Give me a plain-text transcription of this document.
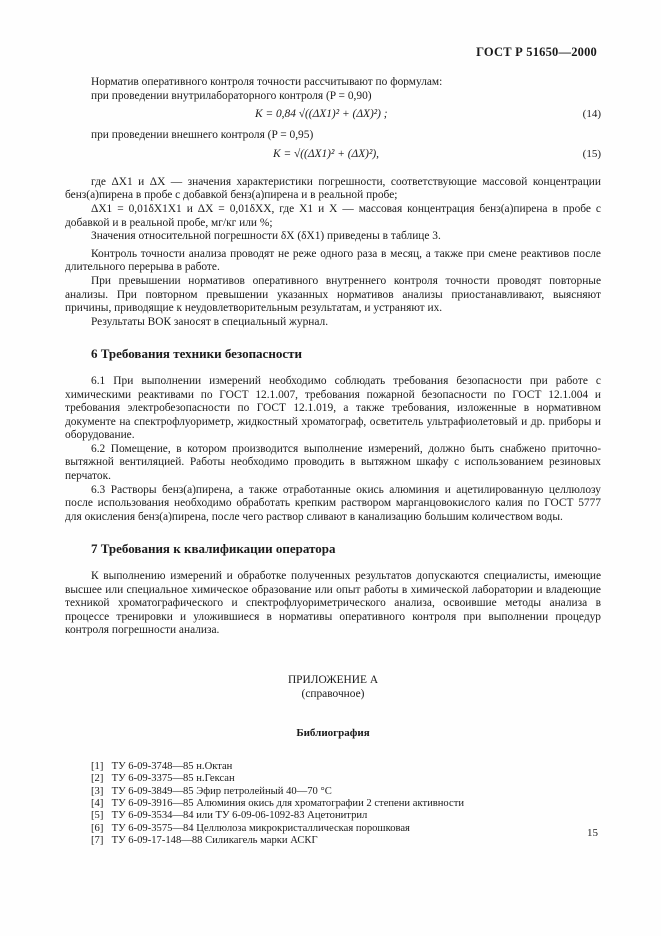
ГОСТ Р 51650—2000

Норматив оперативного контроля точности рассчитывают по формулам:

при проведении внутрилабораторного контроля (P = 0,90)

K = 0,84 √((ΔX1)² + (ΔX)²) ;	(14)

при проведении внешнего контроля (P = 0,95)

K = √((ΔX1)² + (ΔX)²),	(15)

где ΔX1 и ΔX — значения характеристики погрешности, соответствующие массовой концентрации бенз(а)пирена в пробе с добавкой бенз(а)пирена и в реальной пробе;

ΔX1 = 0,01δX1X1 и ΔX = 0,01δXX, где X1 и X — массовая концентрация бенз(а)пирена в пробе с добавкой и в реальной пробе, мг/кг или %;

Значения относительной погрешности δX (δX1) приведены в таблице 3.

Контроль точности анализа проводят не реже одного раза в месяц, а также при смене реактивов после длительного перерыва в работе.

При превышении нормативов оперативного внутреннего контроля точности проводят повторные анализы. При повторном превышении указанных нормативов анализы приостанавливают, выясняют причины, приводящие к неудовлетворительным результатам, и устраняют их.

Результаты ВОК заносят в специальный журнал.

6 Требования техники безопасности

6.1 При выполнении измерений необходимо соблюдать требования безопасности при работе с химическими реактивами по ГОСТ 12.1.007, требования пожарной безопасности по ГОСТ 12.1.004 и требования электробезопасности по ГОСТ 12.1.019, а также требования, изложенные в нормативном документе на спектрофлуориметр, жидкостный хроматограф, осветитель ультрафиолетовый и др. приборы и оборудование.

6.2 Помещение, в котором производится выполнение измерений, должно быть снабжено приточно-вытяжной вентиляцией. Работы необходимо проводить в вытяжном шкафу с использованием резиновых перчаток.

6.3 Растворы бенз(а)пирена, а также отработанные окись алюминия и ацетилированную целлюлозу после использования необходимо обработать крепким раствором марганцовокислого калия по ГОСТ 5777 для окисления бенз(а)пирена, после чего раствор сливают в канализацию большим количеством воды.

7 Требования к квалификации оператора

К выполнению измерений и обработке полученных результатов допускаются специалисты, имеющие высшее или специальное химическое образование или опыт работы в химической лаборатории и владеющие техникой хроматографического и спектрофлуориметрического анализа, освоившие методы анализа в процессе тренировки и уложившиеся в нормативы оперативного контроля при выполнении процедур контроля погрешности анализа.

ПРИЛОЖЕНИЕ А
(справочное)
Библиография
[1] ТУ 6-09-3748—85 н.Октан
[2] ТУ 6-09-3375—85 н.Гексан
[3] ТУ 6-09-3849—85 Эфир петролейный 40—70 °С
[4] ТУ 6-09-3916—85 Алюминия окись для хроматографии 2 степени активности
[5] ТУ 6-09-3534—84 или ТУ 6-09-06-1092-83 Ацетонитрил
[6] ТУ 6-09-3575—84 Целлюлоза микрокристаллическая порошковая
[7] ТУ 6-09-17-148—88 Силикагель марки АСКГ
15
